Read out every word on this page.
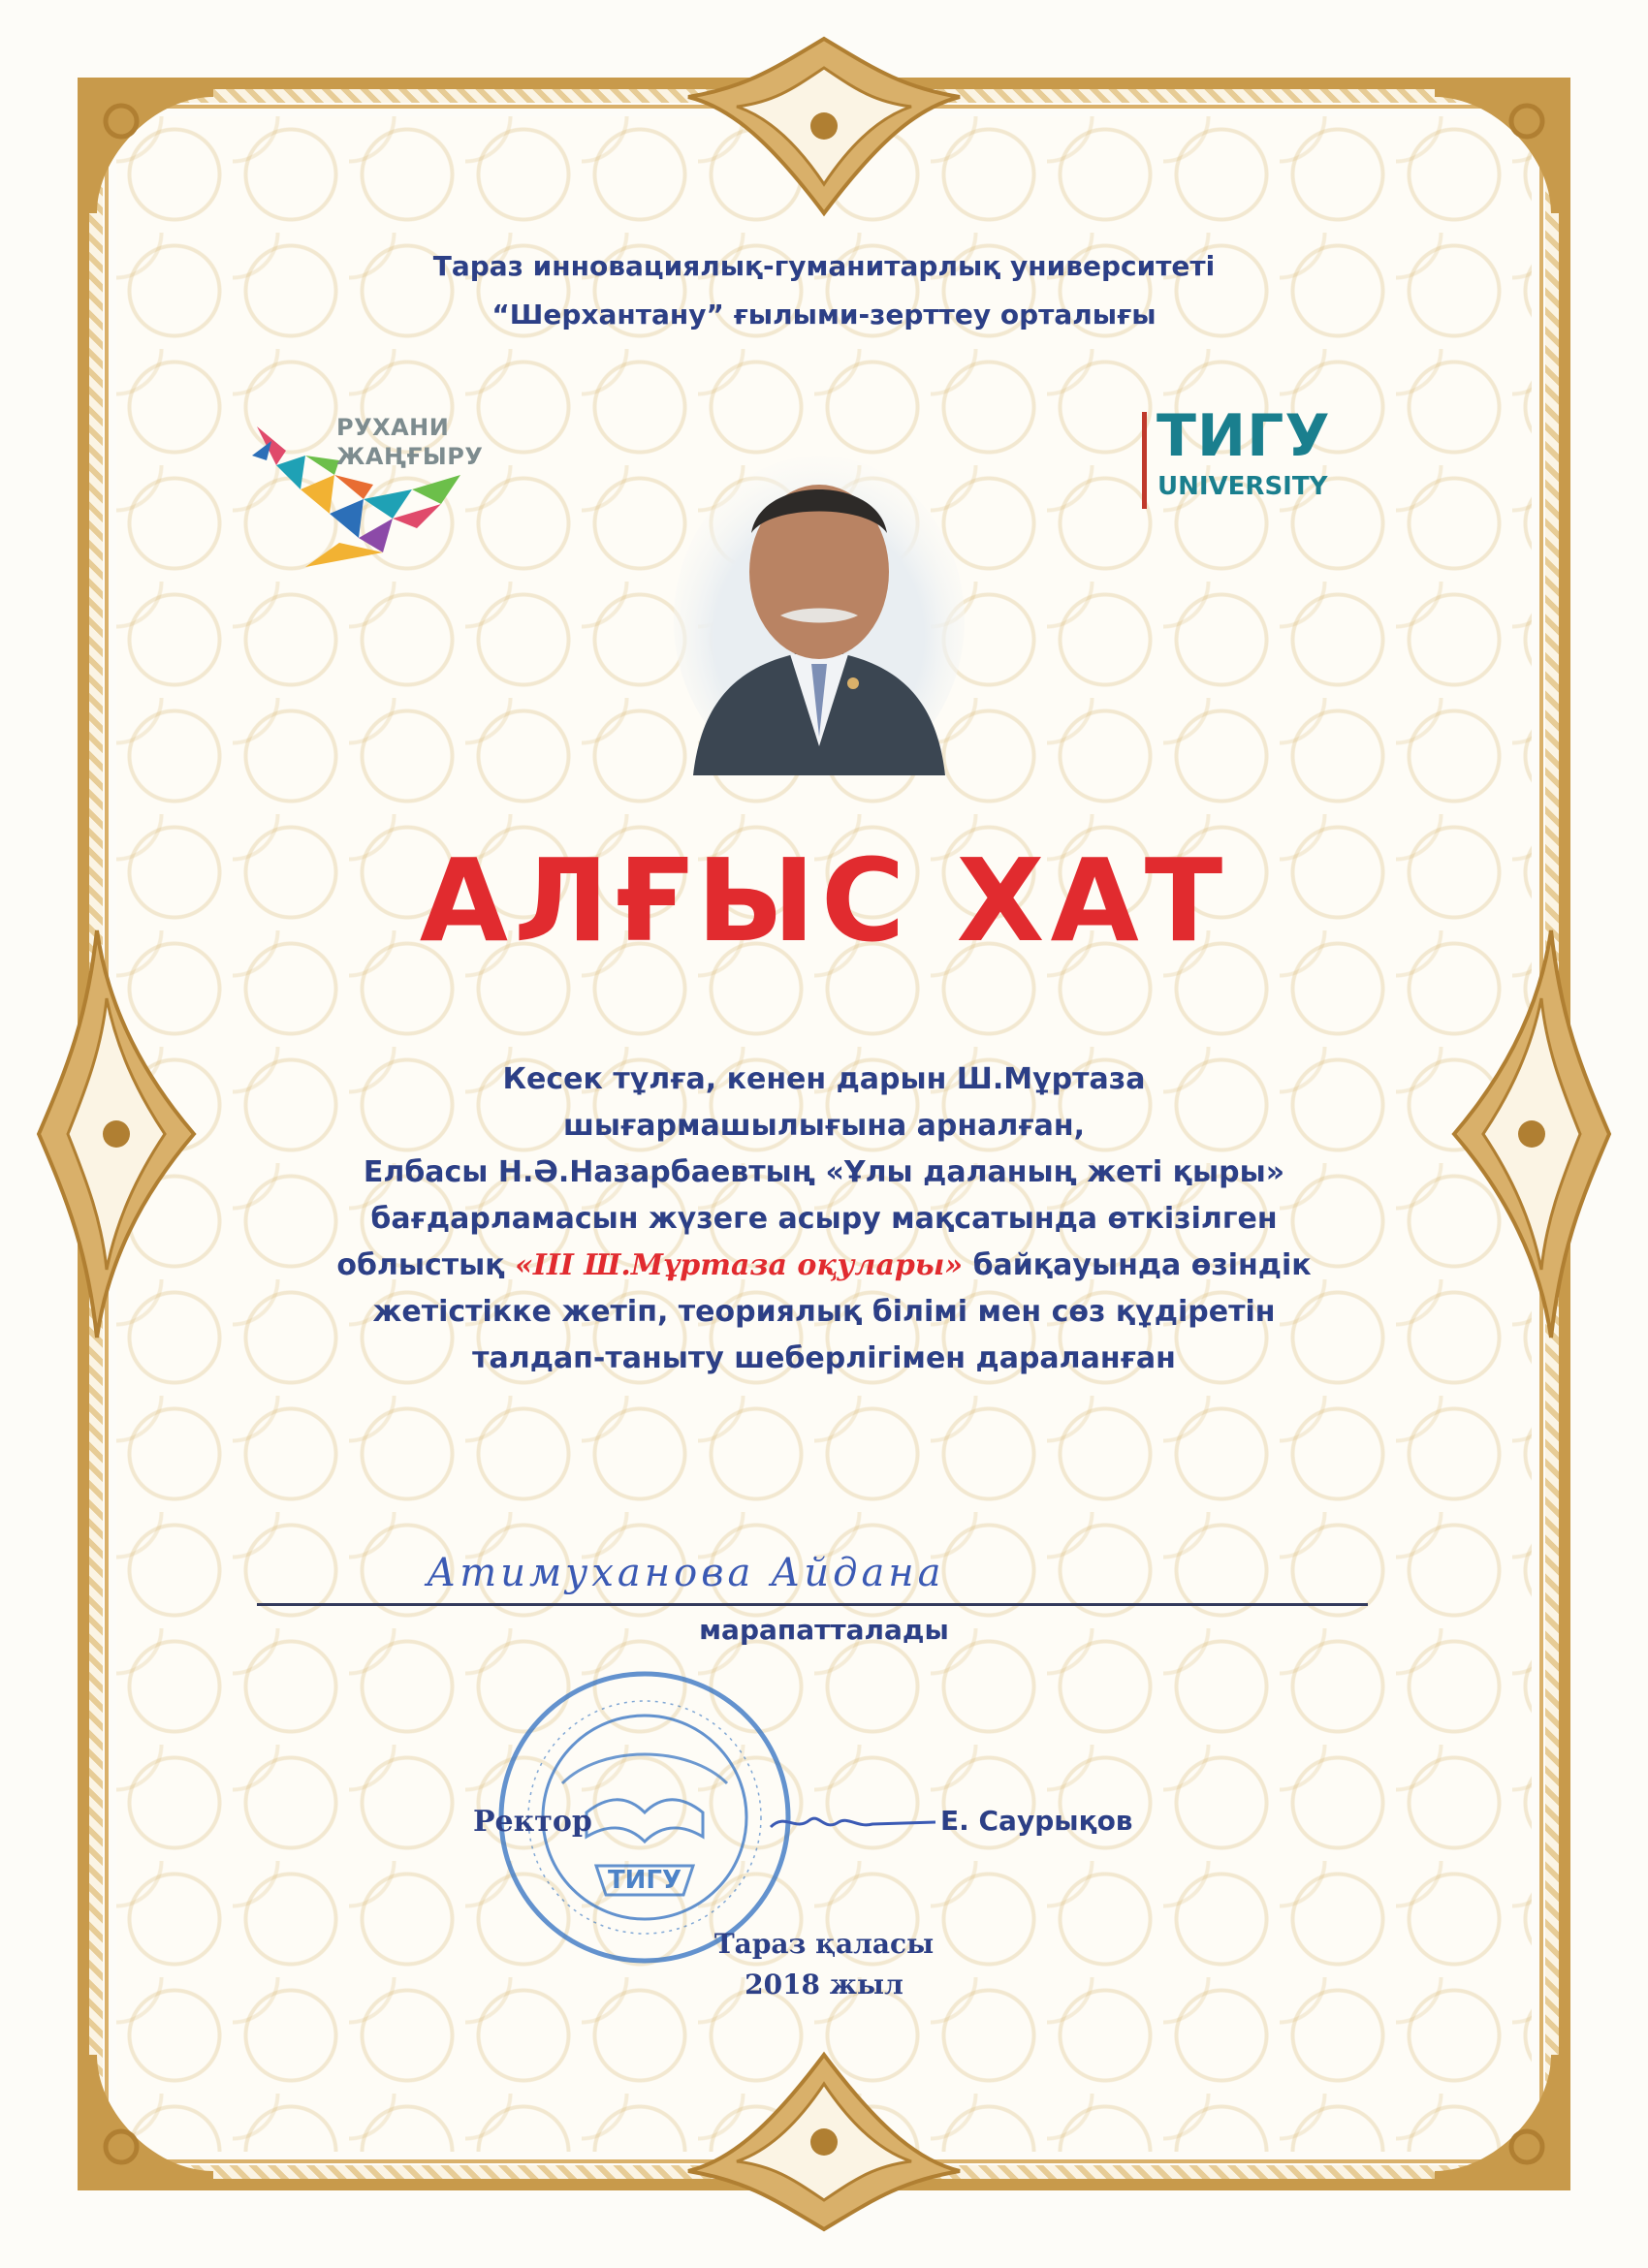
Тараз инновациялық-гуманитарлық университеті
“Шерхантану” ғылыми-зерттеу орталығы
РУХАНИ
ЖАҢҒЫРУ	ТИГУ
UNIVERSITY
АЛҒЫС ХАТ
Кесек тұлға, кенен дарын Ш.Мұртаза
шығармашылығына арналған,
Елбасы Н.Ә.Назарбаевтың «Ұлы даланың жеті қыры»
бағдарламасын жүзеге асыру мақсатында өткізілген
облыстық «ІІІ Ш.Мұртаза оқулары» байқауында өзіндік
жетістікке жетіп, теориялық білімі мен сөз құдіретін
талдап-таныту шеберлігімен дараланған
Атимуханова Айдана
марапатталады
ТИГУ
Ректор	Е. Саурықов
Тараз қаласы
2018 жыл
